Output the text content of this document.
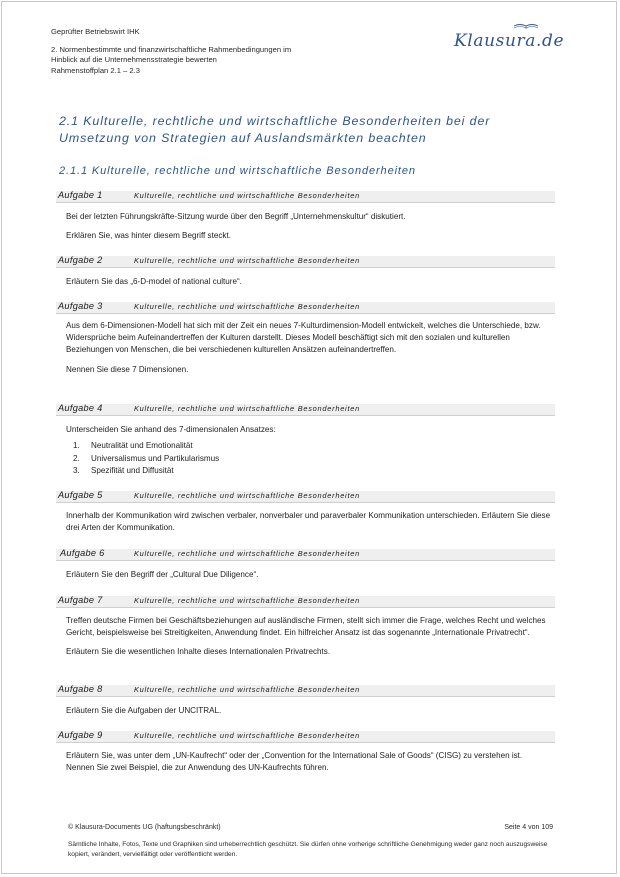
Geprüfter Betriebswirt IHK
2. Normenbestimmte und finanzwirtschaftliche Rahmenbedingungen im
Hinblick auf die Unternehmensstrategie bewerten
Rahmenstoffplan 2.1 – 2.3
Klausura.de
2.1 Kulturelle, rechtliche und wirtschaftliche Besonderheiten bei der Umsetzung von Strategien auf Auslandsmärkten beachten
2.1.1 Kulturelle, rechtliche und wirtschaftliche Besonderheiten
Aufgabe 1	Kulturelle, rechtliche und wirtschaftliche Besonderheiten

Bei der letzten Führungskräfte-Sitzung wurde über den Begriff „Unternehmenskultur“ diskutiert.

Erklären Sie, was hinter diesem Begriff steckt.

Aufgabe 2	Kulturelle, rechtliche und wirtschaftliche Besonderheiten

Erläutern Sie das „6-D-model of national culture“.

Aufgabe 3	Kulturelle, rechtliche und wirtschaftliche Besonderheiten

Aus dem 6-Dimensionen-Modell hat sich mit der Zeit ein neues 7-Kulturdimension-Modell entwickelt, welches die Unterschiede, bzw. Widersprüche beim Aufeinandertreffen der Kulturen darstellt. Dieses Modell beschäftigt sich mit den sozialen und kulturellen Beziehungen von Menschen, die bei verschiedenen kulturellen Ansätzen aufeinandertreffen.

Nennen Sie diese 7 Dimensionen.

Aufgabe 4	Kulturelle, rechtliche und wirtschaftliche Besonderheiten

Unterscheiden Sie anhand des 7-dimensionalen Ansatzes:

1. Neutralität und Emotionalität
2. Universalismus und Partikularismus
3. Spezifität und Diffusität
Aufgabe 5	Kulturelle, rechtliche und wirtschaftliche Besonderheiten

Innerhalb der Kommunikation wird zwischen verbaler, nonverbaler und paraverbaler Kommunikation unterschieden. Erläutern Sie diese drei Arten der Kommunikation.

Aufgabe 6	Kulturelle, rechtliche und wirtschaftliche Besonderheiten

Erläutern Sie den Begriff der „Cultural Due Diligence“.

Aufgabe 7	Kulturelle, rechtliche und wirtschaftliche Besonderheiten

Treffen deutsche Firmen bei Geschäftsbeziehungen auf ausländische Firmen, stellt sich immer die Frage, welches Recht und welches Gericht, beispielsweise bei Streitigkeiten, Anwendung findet. Ein hilfreicher Ansatz ist das sogenannte „Internationale Privatrecht“.

Erläutern Sie die wesentlichen Inhalte dieses Internationalen Privatrechts.

Aufgabe 8	Kulturelle, rechtliche und wirtschaftliche Besonderheiten

Erläutern Sie die Aufgaben der UNCITRAL.

Aufgabe 9	Kulturelle, rechtliche und wirtschaftliche Besonderheiten

Erläutern Sie, was unter dem „UN-Kaufrecht“ oder der „Convention for the International Sale of Goods“ (CISG) zu verstehen ist. Nennen Sie zwei Beispiel, die zur Anwendung des UN-Kaufrechts führen.

© Klausura-Documents UG (haftungsbeschränkt)	Seite 4 von 109
Sämtliche Inhalte, Fotos, Texte und Graphiken sind urheberrechtlich geschützt. Sie dürfen ohne vorherige schriftliche Genehmigung weder ganz noch auszugsweise kopiert, verändert, vervielfältigt oder veröffentlicht werden.
